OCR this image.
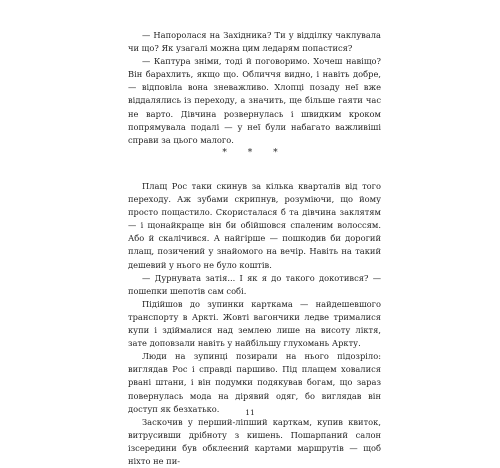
— Напоролася на Західника? Ти у відділку чаклувала чи що? Як узагалі можна цим ледарям попастися?

— Каптура зніми, тоді й поговоримо. Хочеш навіщо? Він барахлить, якщо що. Обличчя видно, і навіть добре, — відповіла вона зневажливо. Хлопці позаду неї вже віддалялись із переходу, а значить, ще більше гаяти час не варто. Дівчина розвернулась і швидким кроком попрямувала подалі — у неї були набагато важливіші справи за цього малого.

* * *

Плащ Рос таки скинув за кілька кварталів від того переходу. Аж зубами скрипнув, розуміючи, що йому просто пощастило. Скористалася б та дівчина заклятям — і щонайкраще він би обійшовся спаленим волоссям. Або й скалічився. А найгірше — пошкодив би дорогий плащ, позичений у знайомого на вечір. Навіть на такий дешевий у нього не було коштів.

— Дурнувата затія... І як я до такого докотився? — пошепки шепотів сам собі.

Підійшов до зупинки карткама — найдешевшого транспорту в Аркті. Жовті вагончики ледве трималися купи і здіймалися над землею лише на висоту ліктя, зате доповзали навіть у найбільшу глухомань Аркту.

Люди на зупинці позирали на нього підозріло: виглядав Рос і справді паршиво. Під плащем ховалися рвані штани, і він подумки подякував богам, що зараз повернулась мода на дірявий одяг, бо виглядав він доступ як безхатько.

Заскочив у перший-ліпший карткам, купив квиток, витрусивши дрібноту з кишень. Пошарпаний салон ізсередини був обклеєний картами маршрутів — щоб ніхто не пи-

11
